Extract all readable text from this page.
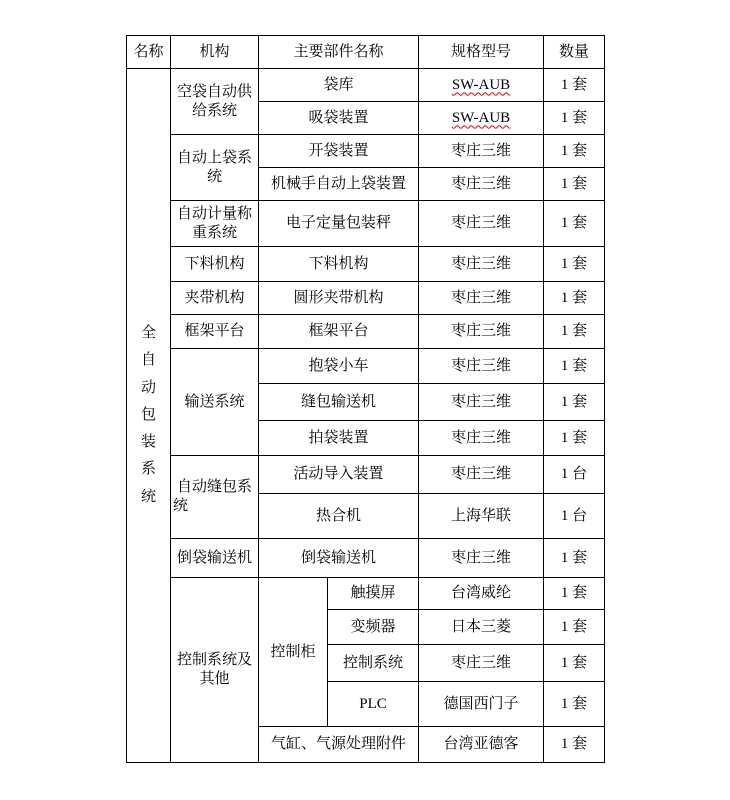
名称	机构	主要部件名称		规格型号	数量

全自动包装系统	空袋自动供给系统	袋库		SW-AUB	1 套
		吸袋装置		SW-AUB	1 套
	自动上袋系统	开袋装置		枣庄三维	1 套
		机械手自动上袋装置		枣庄三维	1 套
	自动计量称重系统	电子定量包装秤		枣庄三维	1 套
	下料机构	下料机构		枣庄三维	1 套
	夹带机构	圆形夹带机构		枣庄三维	1 套
	框架平台	框架平台		枣庄三维	1 套
	输送系统	抱袋小车		枣庄三维	1 套
		缝包输送机		枣庄三维	1 套
		拍袋装置		枣庄三维	1 套
	自动缝包系统	活动导入装置		枣庄三维	1 台
		热合机		上海华联	1 台
	倒袋输送机	倒袋输送机		枣庄三维	1 套
	控制系统及其他	控制柜	触摸屏	台湾威纶	1 套
			变频器	日本三菱	1 套
			控制系统	枣庄三维	1 套
			PLC	德国西门子	1 套
		气缸、气源处理附件		台湾亚德客	1 套
